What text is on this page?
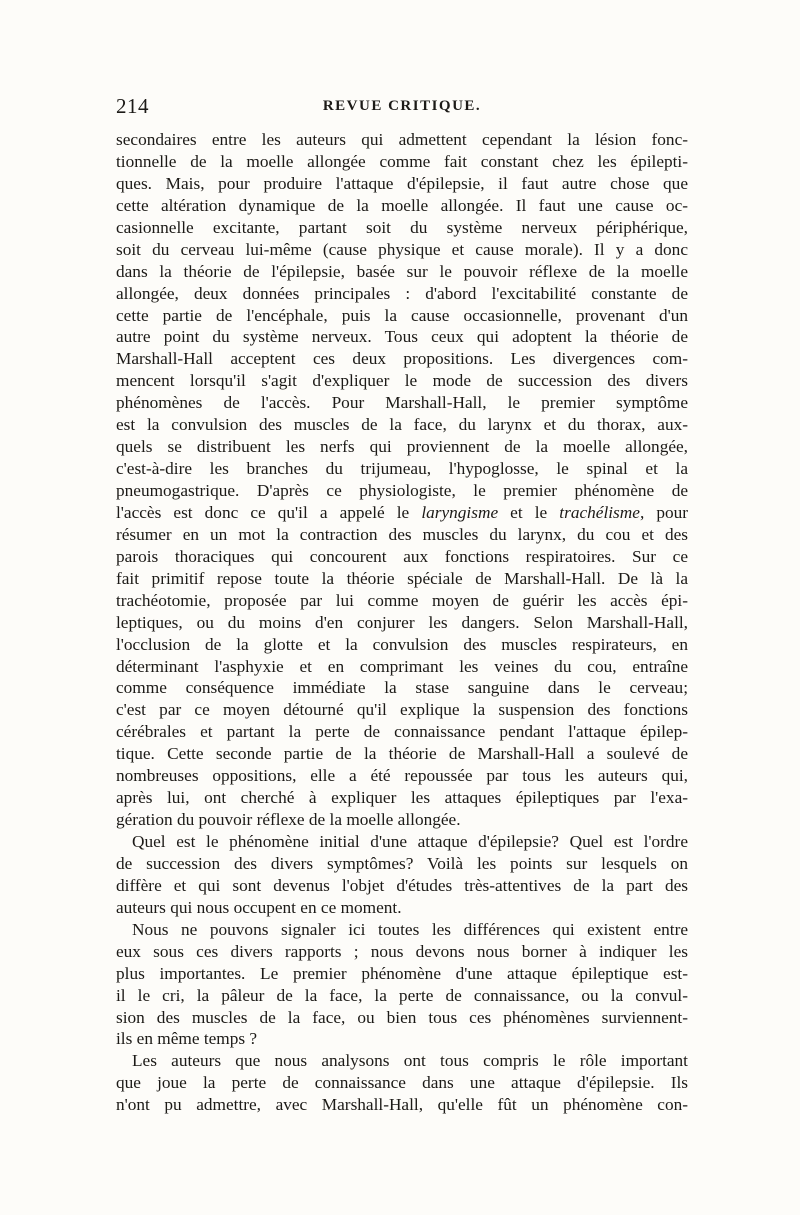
214	REVUE CRITIQUE.
secondaires entre les auteurs qui admettent cependant la lésion fonc-
tionnelle de la moelle allongée comme fait constant chez les épilepti-
ques. Mais, pour produire l'attaque d'épilepsie, il faut autre chose que
cette altération dynamique de la moelle allongée. Il faut une cause oc-
casionnelle excitante, partant soit du système nerveux périphérique,
soit du cerveau lui-même (cause physique et cause morale). Il y a donc
dans la théorie de l'épilepsie, basée sur le pouvoir réflexe de la moelle
allongée, deux données principales : d'abord l'excitabilité constante de
cette partie de l'encéphale, puis la cause occasionnelle, provenant d'un
autre point du système nerveux. Tous ceux qui adoptent la théorie de
Marshall-Hall acceptent ces deux propositions. Les divergences com-
mencent lorsqu'il s'agit d'expliquer le mode de succession des divers
phénomènes de l'accès. Pour Marshall-Hall, le premier symptôme
est la convulsion des muscles de la face, du larynx et du thorax, aux-
quels se distribuent les nerfs qui proviennent de la moelle allongée,
c'est-à-dire les branches du trijumeau, l'hypoglosse, le spinal et la
pneumogastrique. D'après ce physiologiste, le premier phénomène de
l'accès est donc ce qu'il a appelé le laryngisme et le trachélisme, pour
résumer en un mot la contraction des muscles du larynx, du cou et des
parois thoraciques qui concourent aux fonctions respiratoires. Sur ce
fait primitif repose toute la théorie spéciale de Marshall-Hall. De là la
trachéotomie, proposée par lui comme moyen de guérir les accès épi-
leptiques, ou du moins d'en conjurer les dangers. Selon Marshall-Hall,
l'occlusion de la glotte et la convulsion des muscles respirateurs, en
déterminant l'asphyxie et en comprimant les veines du cou, entraîne
comme conséquence immédiate la stase sanguine dans le cerveau;
c'est par ce moyen détourné qu'il explique la suspension des fonctions
cérébrales et partant la perte de connaissance pendant l'attaque épilep-
tique. Cette seconde partie de la théorie de Marshall-Hall a soulevé de
nombreuses oppositions, elle a été repoussée par tous les auteurs qui,
après lui, ont cherché à expliquer les attaques épileptiques par l'exa-
gération du pouvoir réflexe de la moelle allongée.
Quel est le phénomène initial d'une attaque d'épilepsie? Quel est l'ordre
de succession des divers symptômes? Voilà les points sur lesquels on
diffère et qui sont devenus l'objet d'études très-attentives de la part des
auteurs qui nous occupent en ce moment.
Nous ne pouvons signaler ici toutes les différences qui existent entre
eux sous ces divers rapports ; nous devons nous borner à indiquer les
plus importantes. Le premier phénomène d'une attaque épileptique est-
il le cri, la pâleur de la face, la perte de connaissance, ou la convul-
sion des muscles de la face, ou bien tous ces phénomènes surviennent-
ils en même temps ?
Les auteurs que nous analysons ont tous compris le rôle important
que joue la perte de connaissance dans une attaque d'épilepsie. Ils
n'ont pu admettre, avec Marshall-Hall, qu'elle fût un phénomène con-
